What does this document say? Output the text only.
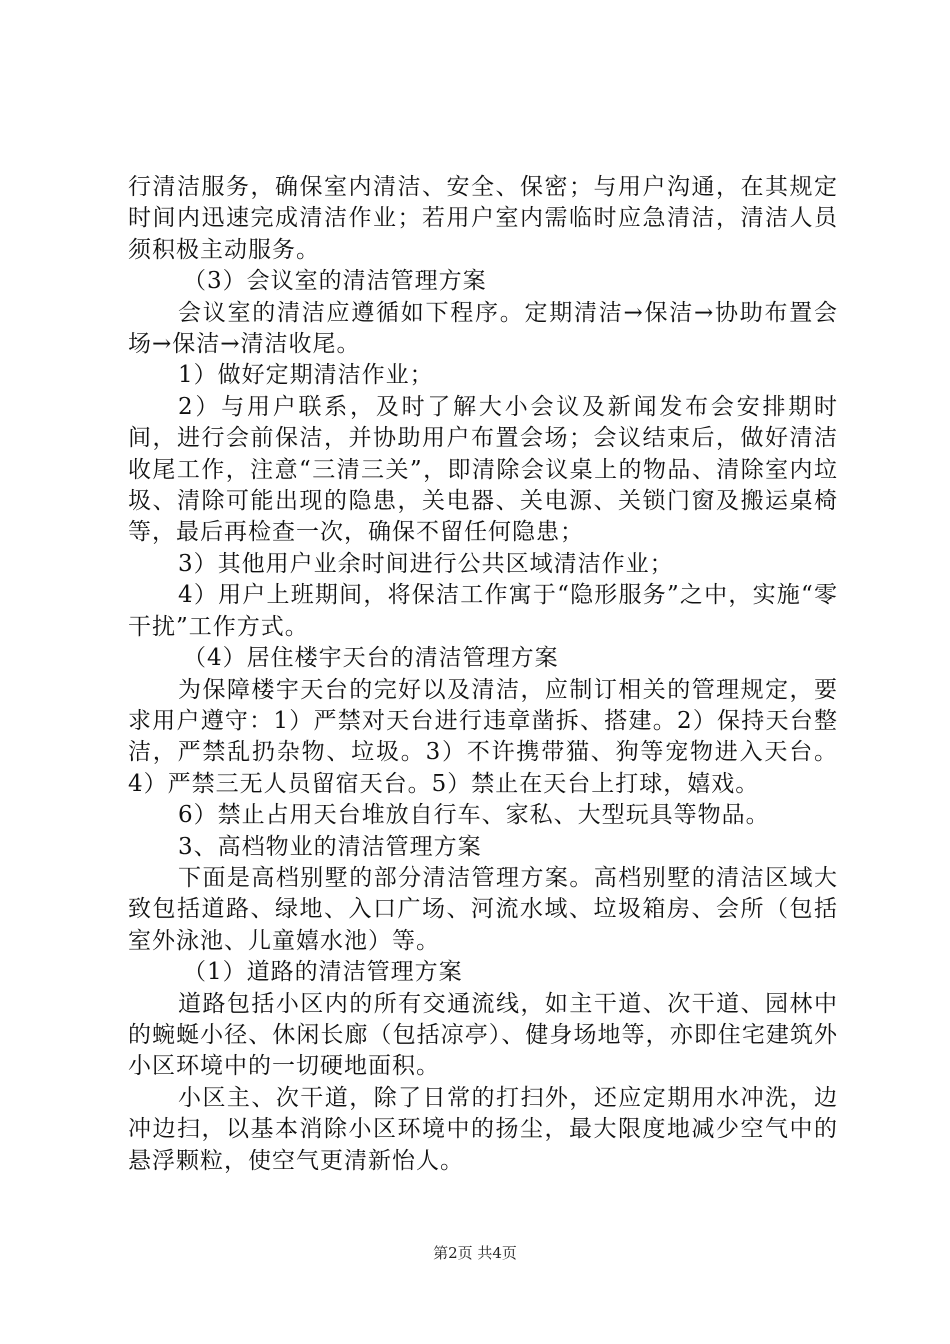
行清洁服务，确保室内清洁、安全、保密；与用户沟通，在其规定时间内迅速完成清洁作业；若用户室内需临时应急清洁，清洁人员须积极主动服务。

（3）会议室的清洁管理方案

会议室的清洁应遵循如下程序。定期清洁→保洁→协助布置会场→保洁→清洁收尾。

1）做好定期清洁作业；

2）与用户联系，及时了解大小会议及新闻发布会安排期时间，进行会前保洁，并协助用户布置会场；会议结束后，做好清洁收尾工作，注意“三清三关”，即清除会议桌上的物品、清除室内垃圾、清除可能出现的隐患，关电器、关电源、关锁门窗及搬运桌椅等，最后再检查一次，确保不留任何隐患；

3）其他用户业余时间进行公共区域清洁作业；

4）用户上班期间，将保洁工作寓于“隐形服务”之中，实施“零干扰”工作方式。

（4）居住楼宇天台的清洁管理方案

为保障楼宇天台的完好以及清洁，应制订相关的管理规定，要求用户遵守：1）严禁对天台进行违章凿拆、搭建。2）保持天台整洁，严禁乱扔杂物、垃圾。3）不许携带猫、狗等宠物进入天台。4）严禁三无人员留宿天台。5）禁止在天台上打球，嬉戏。

6）禁止占用天台堆放自行车、家私、大型玩具等物品。

3、高档物业的清洁管理方案

下面是高档别墅的部分清洁管理方案。高档别墅的清洁区域大致包括道路、绿地、入口广场、河流水域、垃圾箱房、会所（包括室外泳池、儿童嬉水池）等。

（1）道路的清洁管理方案

道路包括小区内的所有交通流线，如主干道、次干道、园林中的蜿蜒小径、休闲长廊（包括凉亭）、健身场地等，亦即住宅建筑外小区环境中的一切硬地面积。

小区主、次干道，除了日常的打扫外，还应定期用水冲洗，边冲边扫，以基本消除小区环境中的扬尘，最大限度地减少空气中的悬浮颗粒，使空气更清新怡人。

第2页 共4页
